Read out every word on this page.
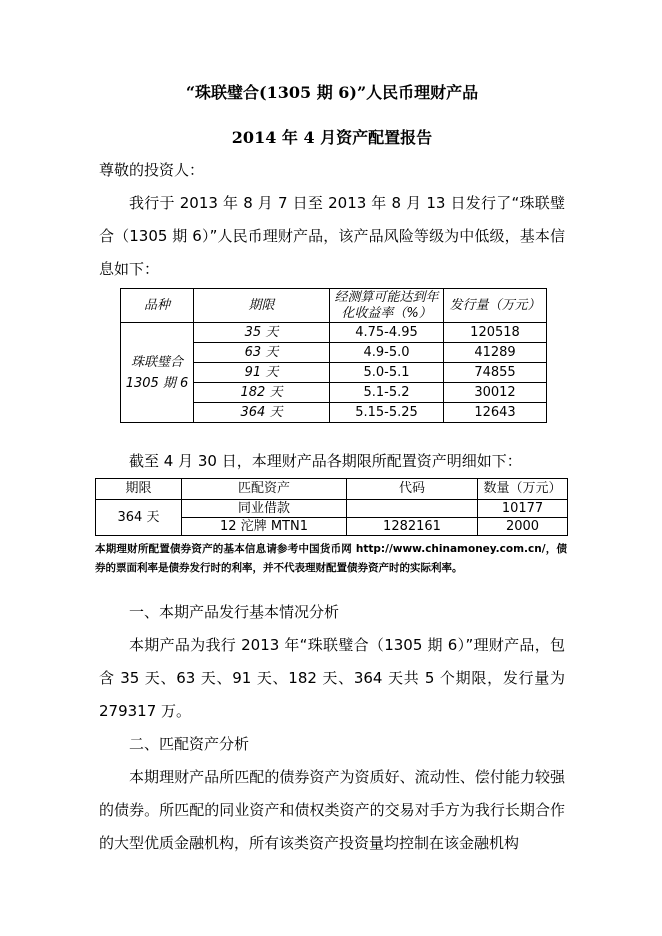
“珠联璧合(1305 期 6)”人民币理财产品

2014 年 4 月资产配置报告

尊敬的投资人：

我行于 2013 年 8 月 7 日至 2013 年 8 月 13 日发行了“珠联璧合（1305 期 6）”人民币理财产品，该产品风险等级为中低级，基本信息如下：

品种	期限	经测算可能达到年化收益率（%）	发行量（万元）
珠联璧合 1305 期 6	35 天	4.75-4.95	120518
	63 天	4.9-5.0	41289
	91 天	5.0-5.1	74855
	182 天	5.1-5.2	30012
	364 天	5.15-5.25	12643

截至 4 月 30 日，本理财产品各期限所配置资产明细如下：

期限	匹配资产	代码	数量（万元）
364 天	同业借款		10177
	12 沱牌 MTN1	1282161	2000

本期理财所配置债券资产的基本信息请参考中国货币网 http://www.chinamoney.com.cn/，债券的票面利率是债券发行时的利率，并不代表理财配置债券资产时的实际利率。

一、本期产品发行基本情况分析

本期产品为我行 2013 年“珠联璧合（1305 期 6）”理财产品，包含 35 天、63 天、91 天、182 天、364 天共 5 个期限，发行量为 279317 万。

二、匹配资产分析

本期理财产品所匹配的债券资产为资质好、流动性、偿付能力较强的债券。所匹配的同业资产和债权类资产的交易对手方为我行长期合作的大型优质金融机构，所有该类资产投资量均控制在该金融机构
